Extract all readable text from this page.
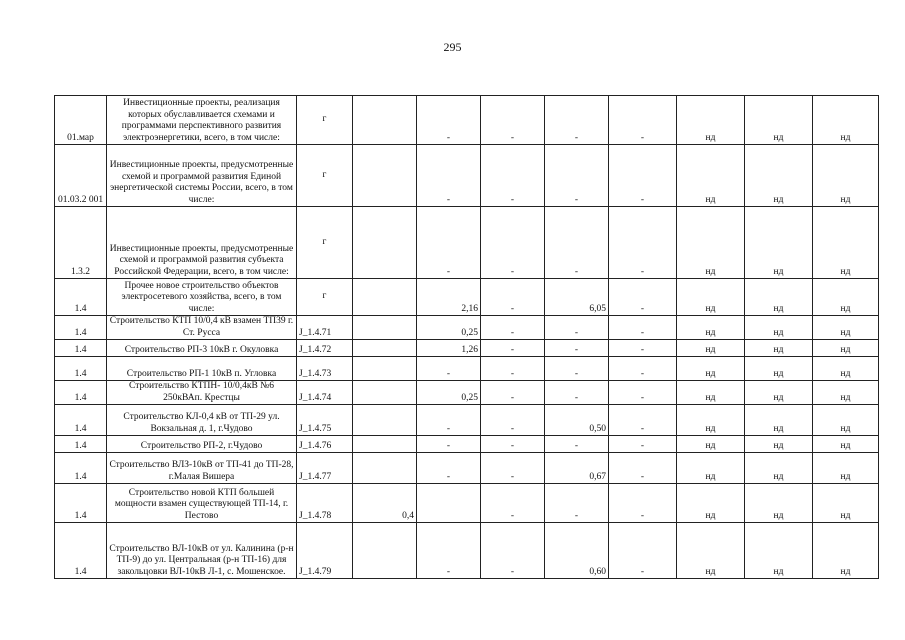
295
01.мар	Инвестиционные проекты, реализация которых обуславливается схемами и программами перспективного развития электроэнергетики, всего, в том числе:	г		-	-	-	-	нд	нд	нд
01.03.2 001	Инвестиционные проекты, предусмотренные схемой и программой развития Единой энергетической системы России, всего, в том числе:	г		-	-	-	-	нд	нд	нд
1.3.2	Инвестиционные проекты, предусмотренные схемой и программой развития субъекта Российской Федерации, всего, в том числе:	г		-	-	-	-	нд	нд	нд
1.4	Прочее новое строительство объектов электросетевого хозяйства, всего, в том числе:	г		2,16	-	6,05	-	нд	нд	нд
1.4	Строительство КТП 10/0,4 кВ взамен ТП39 г. Ст. Русса	J_1.4.71		0,25	-	-	-	нд	нд	нд
1.4	Строительство РП-3 10кВ г. Окуловка	J_1.4.72		1,26	-	-	-	нд	нд	нд
1.4	Строительство РП-1 10кВ п. Угловка	J_1.4.73		-	-	-	-	нд	нд	нд
1.4	Строительство КТПН- 10/0,4кВ №6 250кВАп. Крестцы	J_1.4.74		0,25	-	-	-	нд	нд	нд
1.4	Строительство КЛ-0,4 кВ от ТП-29 ул. Вокзальная д. 1, г.Чудово	J_1.4.75		-	-	0,50	-	нд	нд	нд
1.4	Строительство РП-2, г.Чудово	J_1.4.76		-	-	-	-	нд	нд	нд
1.4	Строительство ВЛЗ-10кВ от ТП-41 до ТП-28, г.Малая Вишера	J_1.4.77		-	-	0,67	-	нд	нд	нд
1.4	Строительство новой КТП большей мощности взамен существующей ТП-14, г. Пестово	J_1.4.78	0,4		-	-	-	нд	нд	нд
1.4	Строительство ВЛ-10кВ от ул. Калинина (р-н ТП-9) до ул. Центральная (р-н ТП-16) для закольцовки ВЛ-10кВ Л-1, с. Мошенское.	J_1.4.79		-	-	0,60	-	нд	нд	нд
